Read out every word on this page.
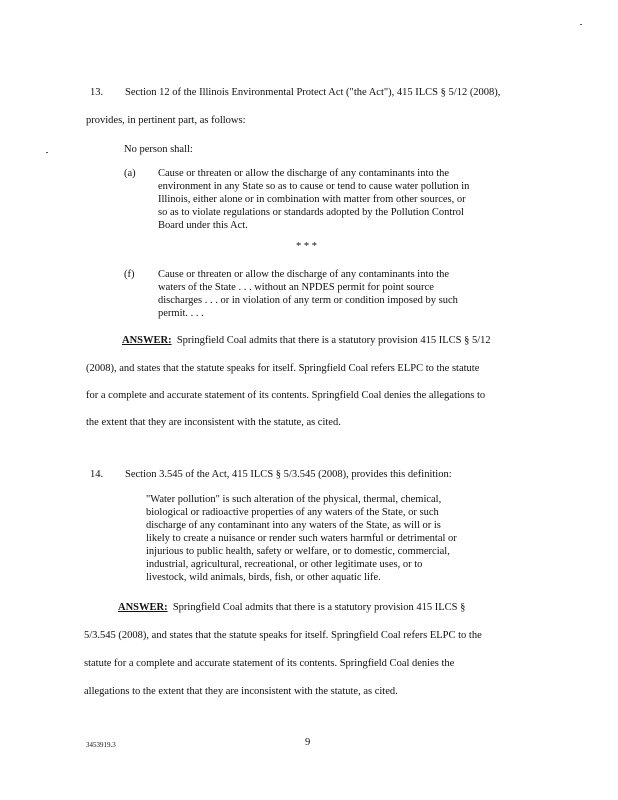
13. Section 12 of the Illinois Environmental Protect Act ("the Act"), 415 ILCS § 5/12 (2008),
provides, in pertinent part, as follows:
No person shall:
(a) Cause or threaten or allow the discharge of any contaminants into the
environment in any State so as to cause or tend to cause water pollution in
Illinois, either alone or in combination with matter from other sources, or
so as to violate regulations or standards adopted by the Pollution Control
Board under this Act.
* * *
(f) Cause or threaten or allow the discharge of any contaminants into the
waters of the State . . . without an NPDES permit for point source
discharges . . . or in violation of any term or condition imposed by such
permit. . . .
ANSWER: Springfield Coal admits that there is a statutory provision 415 ILCS § 5/12
(2008), and states that the statute speaks for itself. Springfield Coal refers ELPC to the statute
for a complete and accurate statement of its contents. Springfield Coal denies the allegations to
the extent that they are inconsistent with the statute, as cited.
14. Section 3.545 of the Act, 415 ILCS § 5/3.545 (2008), provides this definition:
"Water pollution" is such alteration of the physical, thermal, chemical,
biological or radioactive properties of any waters of the State, or such
discharge of any contaminant into any waters of the State, as will or is
likely to create a nuisance or render such waters harmful or detrimental or
injurious to public health, safety or welfare, or to domestic, commercial,
industrial, agricultural, recreational, or other legitimate uses, or to
livestock, wild animals, birds, fish, or other aquatic life.
ANSWER: Springfield Coal admits that there is a statutory provision 415 ILCS §
5/3.545 (2008), and states that the statute speaks for itself. Springfield Coal refers ELPC to the
statute for a complete and accurate statement of its contents. Springfield Coal denies the
allegations to the extent that they are inconsistent with the statute, as cited.
3453919.3	9
